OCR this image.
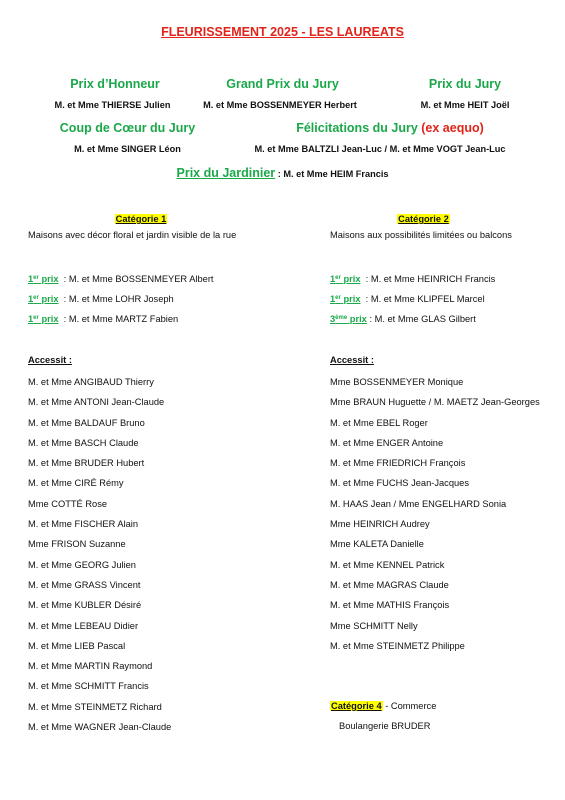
FLEURISSEMENT 2025 - LES LAUREATS
Prix d’Honneur	Grand Prix du Jury	Prix du Jury
M. et Mme THIERSE Julien	M. et Mme BOSSENMEYER Herbert	M. et Mme HEIT Joël
Coup de Cœur du Jury	Félicitations du Jury (ex aequo)
M. et Mme SINGER Léon	M. et Mme BALTZLI Jean-Luc / M. et Mme VOGT Jean-Luc
Prix du Jardinier : M. et Mme HEIM Francis
Catégorie 1	Catégorie 2
Maisons avec décor floral et jardin visible de la rue	Maisons aux possibilités limitées ou balcons
1er prix : M. et Mme BOSSENMEYER Albert
1er prix : M. et Mme LOHR Joseph
1er prix : M. et Mme MARTZ Fabien
1er prix : M. et Mme HEINRICH Francis
1er prix : M. et Mme KLIPFEL Marcel
3ème prix : M. et Mme GLAS Gilbert
Accessit :	Accessit :
M. et Mme ANGIBAUD Thierry
M. et Mme ANTONI Jean-Claude
M. et Mme BALDAUF Bruno
M. et Mme BASCH Claude
M. et Mme BRUDER Hubert
M. et Mme CIRÉ Rémy
Mme COTTÉ Rose
M. et Mme FISCHER Alain
Mme FRISON Suzanne
M. et Mme GEORG Julien
M. et Mme GRASS Vincent
M. et Mme KUBLER Désiré
M. et Mme LEBEAU Didier
M. et Mme LIEB Pascal
M. et Mme MARTIN Raymond
M. et Mme SCHMITT Francis
M. et Mme STEINMETZ Richard
M. et Mme WAGNER Jean-Claude
Mme BOSSENMEYER Monique
Mme BRAUN Huguette / M. MAETZ Jean-Georges
M. et Mme EBEL Roger
M. et Mme ENGER Antoine
M. et Mme FRIEDRICH François
M. et Mme FUCHS Jean-Jacques
M. HAAS Jean / Mme ENGELHARD Sonia
Mme HEINRICH Audrey
Mme KALETA Danielle
M. et Mme KENNEL Patrick
M. et Mme MAGRAS Claude
M. et Mme MATHIS François
Mme SCHMITT Nelly
M. et Mme STEINMETZ Philippe
Catégorie 4 - Commerce
Boulangerie BRUDER
